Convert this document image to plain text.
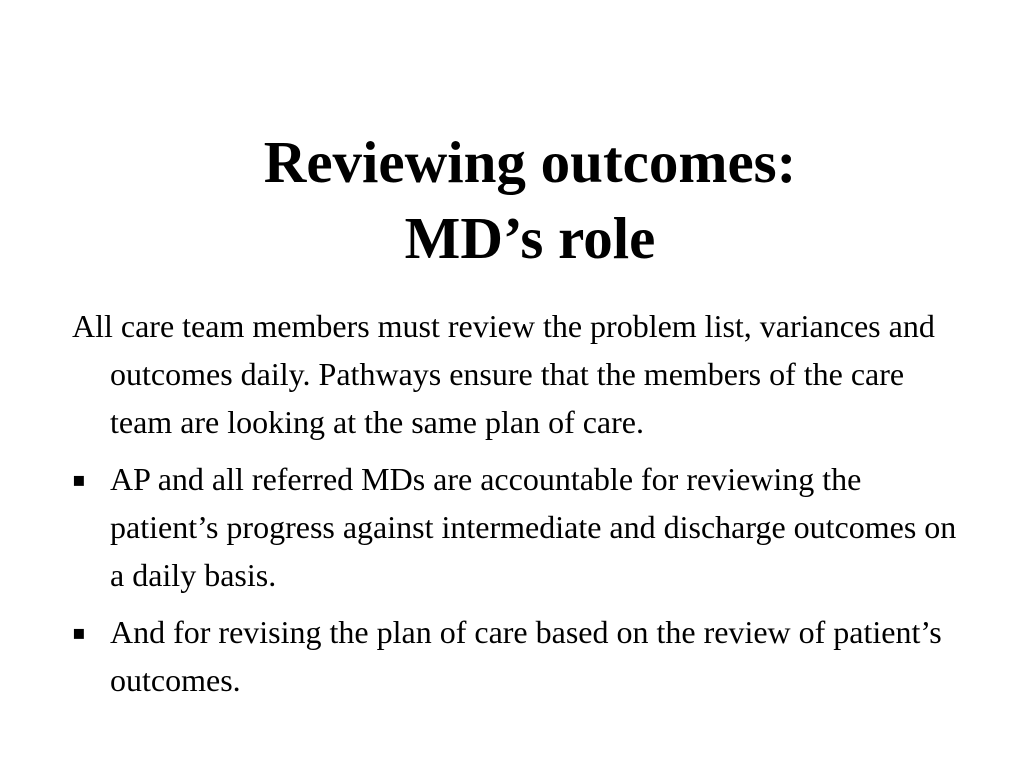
Reviewing outcomes:
MD’s role

All care team members must review the problem list, variances and outcomes daily. Pathways ensure that the members of the care team are looking at the same plan of care.

▪ AP and all referred MDs are accountable for reviewing the patient’s progress against intermediate and discharge outcomes on a daily basis.
▪ And for revising the plan of care based on the review of patient’s outcomes.
